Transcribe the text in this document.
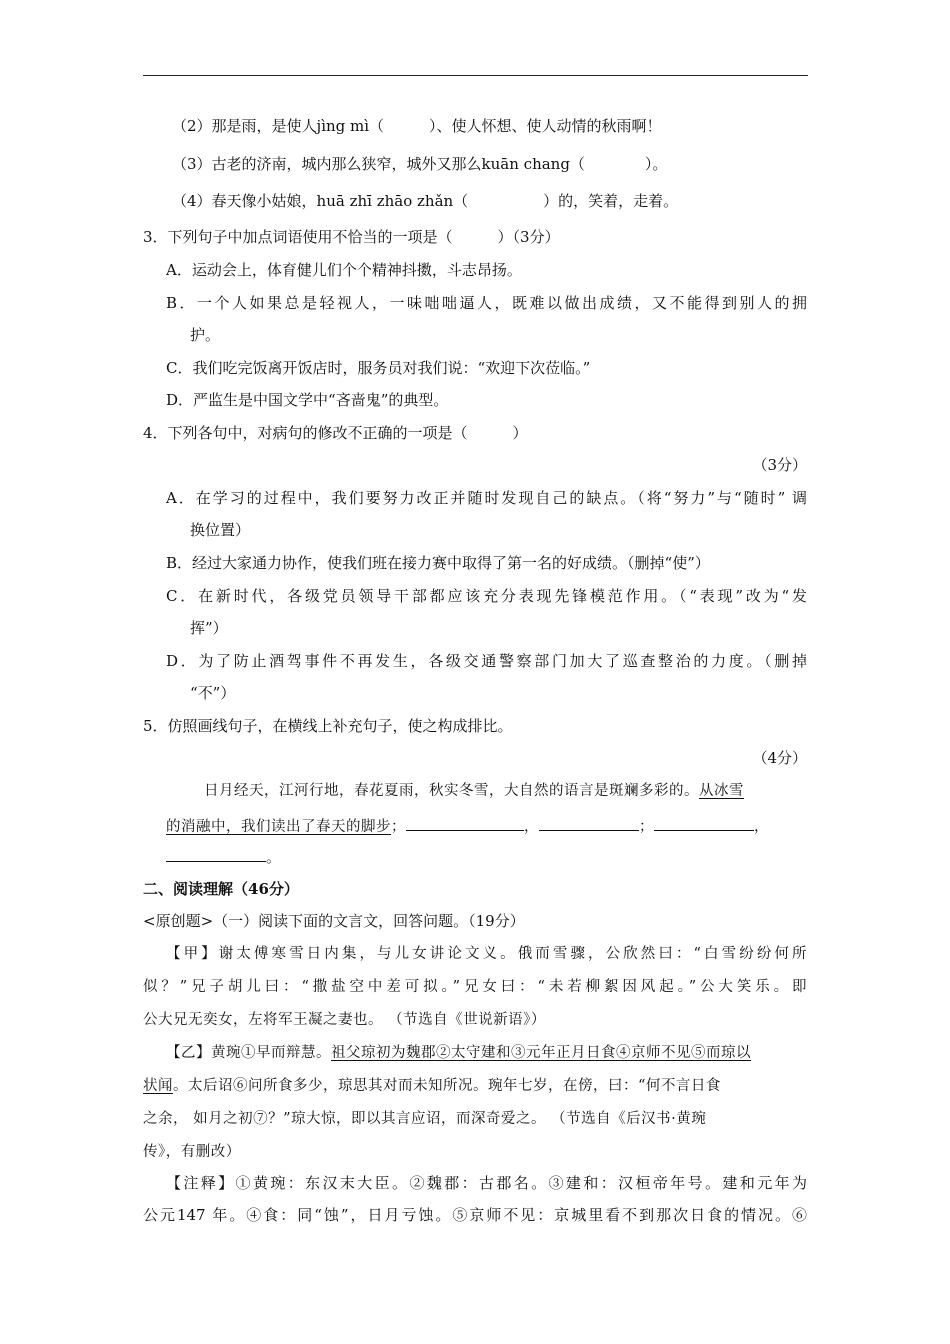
（2）那是雨，是使人jìng mì（　　　）、使人怀想、使人动情的秋雨啊！
（3）古老的济南，城内那么狭窄，城外又那么kuān chang（　　　　）。
（4）春天像小姑娘，huā zhī zhāo zhǎn（　　　　　）的，笑着，走着。
3．下列句子中加点词语使用不恰当的一项是（　　　）（3分）
A．运动会上，体育健儿们个个精神抖擞，斗志昂扬。
B．一个人如果总是轻视人，一味咄咄逼人，既难以做出成绩，又不能得到别人的拥
护。
C．我们吃完饭离开饭店时，服务员对我们说：“欢迎下次莅临。”
D．严监生是中国文学中“吝啬鬼”的典型。
4．下列各句中，对病句的修改不正确的一项是（　　　）
（3分）
A．在学习的过程中，我们要努力改正并随时发现自己的缺点。（将“努力”与“随时” 调
换位置）
B．经过大家通力协作，使我们班在接力赛中取得了第一名的好成绩。（删掉“使”）
C．在新时代，各级党员领导干部都应该充分表现先锋模范作用。（“表现”改为“发
挥”）
D．为了防止酒驾事件不再发生，各级交通警察部门加大了巡查整治的力度。（删掉
“不”）
5．仿照画线句子，在横线上补充句子，使之构成排比。
（4分）
日月经天，江河行地，春花夏雨，秋实冬雪，大自然的语言是斑斓多彩的。从冰雪
的消融中，我们读出了春天的脚步；	，	；	，
。
二、阅读理解（46分）
<原创题>（一）阅读下面的文言文，回答问题。（19分）
【甲】谢太傅寒雪日内集，与儿女讲论文义。俄而雪骤，公欣然曰：“白雪纷纷何所
似？”兄子胡儿曰：“撒盐空中差可拟。”兄女曰：“未若柳絮因风起。”公大笑乐。即
公大兄无奕女，左将军王凝之妻也。 （节选自《世说新语》）
【乙】黄琬①早而辩慧。祖父琼初为魏郡②太守建和③元年正月日食④京师不见⑤而琼以
状闻。太后诏⑥问所食多少，琼思其对而未知所况。琬年七岁，在傍，曰：“何不言日食
之余， 如月之初⑦？”琼大惊，即以其言应诏，而深奇爱之。 （节选自《后汉书·黄琬
传》，有删改）
【注释】①黄琬：东汉末大臣。②魏郡：古郡名。③建和：汉桓帝年号。建和元年为
公元147 年。④食：同“蚀”，日月亏蚀。⑤京师不见：京城里看不到那次日食的情况。⑥
